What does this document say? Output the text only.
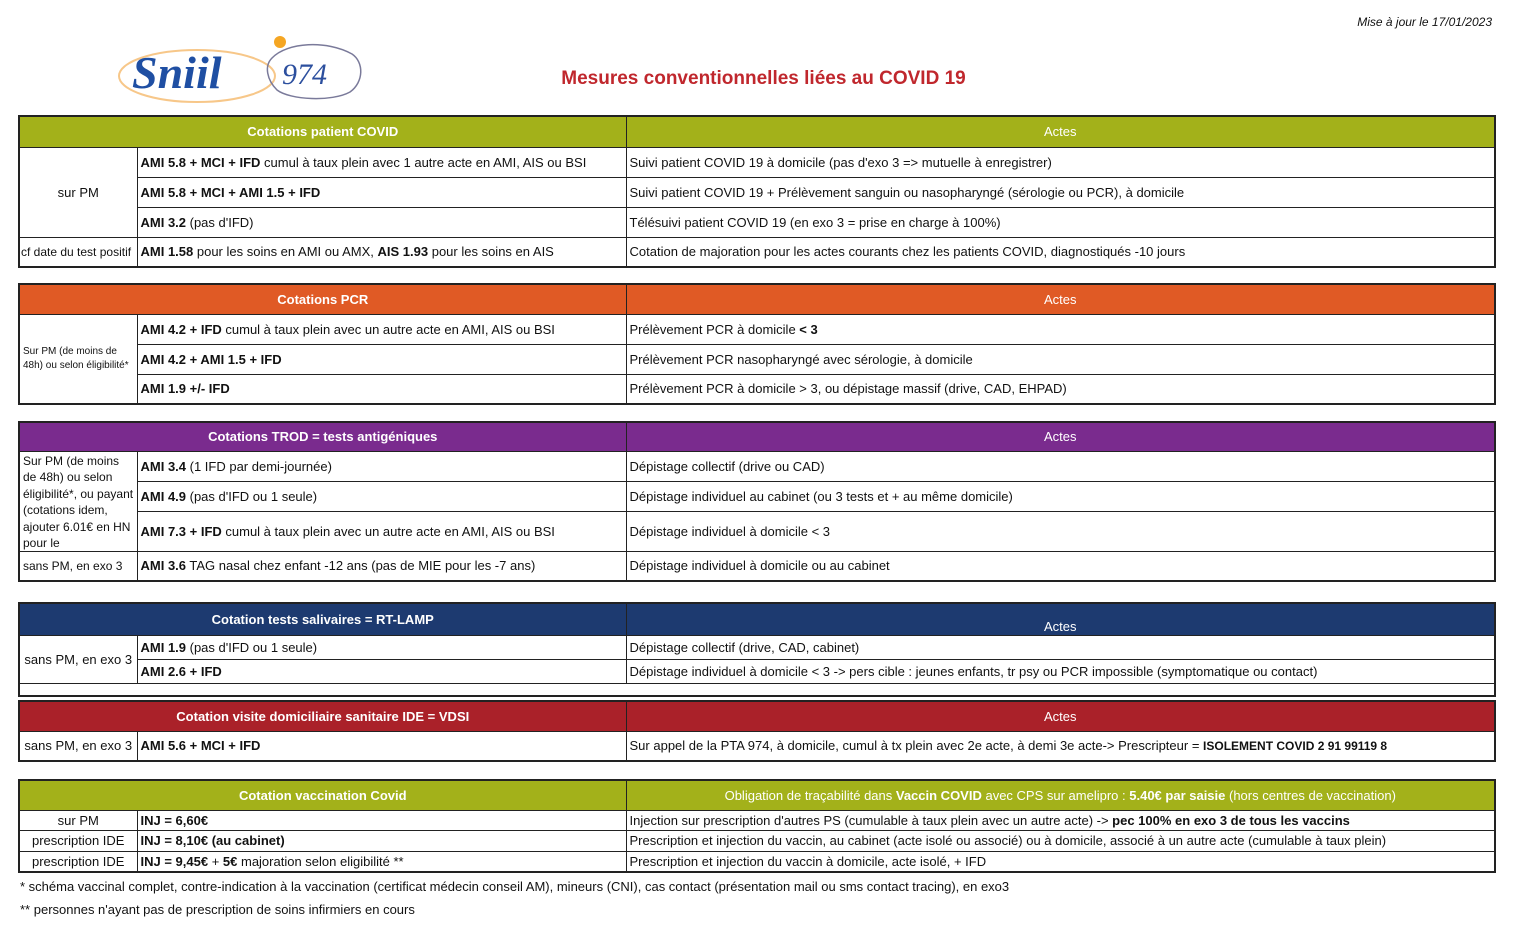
Mise à jour le 17/01/2023
Sniil 974	Mesures conventionnelles liées au COVID 19
Cotations patient COVID		Actes
sur PM	AMI 5.8 + MCI + IFD cumul à taux plein avec 1 autre acte en AMI, AIS ou BSI	Suivi patient COVID 19 à domicile (pas d'exo 3 => mutuelle à enregistrer)
	AMI 5.8 + MCI + AMI 1.5 + IFD	Suivi patient COVID 19 + Prélèvement sanguin ou nasopharyngé (sérologie ou PCR), à domicile
	AMI 3.2 (pas d'IFD)	Télésuivi patient COVID 19 (en exo 3 = prise en charge à 100%)
cf date du test positif	AMI 1.58 pour les soins en AMI ou AMX, AIS 1.93 pour les soins en AIS	Cotation de majoration pour les actes courants chez les patients COVID, diagnostiqués -10 jours
Cotations PCR		Actes
Sur PM (de moins de 48h) ou selon éligibilité*	AMI 4.2 + IFD cumul à taux plein avec un autre acte en AMI, AIS ou BSI	Prélèvement PCR à domicile < 3
	AMI 4.2 + AMI 1.5 + IFD	Prélèvement PCR nasopharyngé avec sérologie, à domicile
	AMI 1.9 +/- IFD	Prélèvement PCR à domicile > 3, ou dépistage massif (drive, CAD, EHPAD)
Cotations TROD = tests antigéniques		Actes

Sur PM (de moins de 48h) ou selon éligibilité*, ou payant (cotations idem, ajouter 6.01€ en HN pour le	AMI 3.4 (1 IFD par demi-journée)	Dépistage collectif (drive ou CAD)
	AMI 4.9 (pas d'IFD ou 1 seule)	Dépistage individuel au cabinet (ou 3 tests et + au même domicile)
	AMI 7.3 + IFD cumul à taux plein avec un autre acte en AMI, AIS ou BSI	Dépistage individuel à domicile < 3
sans PM, en exo 3	AMI 3.6 TAG nasal chez enfant -12 ans (pas de MIE pour les -7 ans)	Dépistage individuel à domicile ou au cabinet
Cotation tests salivaires = RT-LAMP		Actes
sans PM, en exo 3	AMI 1.9 (pas d'IFD ou 1 seule)	Dépistage collectif (drive, CAD, cabinet)
	AMI 2.6 + IFD	Dépistage individuel à domicile < 3 -> pers cible : jeunes enfants, tr psy ou PCR impossible (symptomatique ou contact)

Cotation visite domiciliaire sanitaire IDE = VDSI		Actes
sans PM, en exo 3	AMI 5.6 + MCI + IFD	Sur appel de la PTA 974, à domicile, cumul à tx plein avec 2e acte, à demi 3e acte-> Prescripteur = ISOLEMENT COVID 2 91 99119 8
Cotation vaccination Covid		Obligation de traçabilité dans Vaccin COVID avec CPS sur amelipro : 5.40€ par saisie (hors centres de vaccination)
sur PM	INJ = 6,60€	Injection sur prescription d'autres PS (cumulable à taux plein avec un autre acte) -> pec 100% en exo 3 de tous les vaccins
prescription IDE	INJ = 8,10€ (au cabinet)	Prescription et injection du vaccin, au cabinet (acte isolé ou associé) ou à domicile, associé à un autre acte (cumulable à taux plein)
prescription IDE	INJ = 9,45€ + 5€ majoration selon eligibilité **	Prescription et injection du vaccin à domicile, acte isolé, + IFD
* schéma vaccinal complet, contre-indication à la vaccination (certificat médecin conseil AM), mineurs (CNI), cas contact (présentation mail ou sms contact tracing), en exo3
** personnes n'ayant pas de prescription de soins infirmiers en cours
